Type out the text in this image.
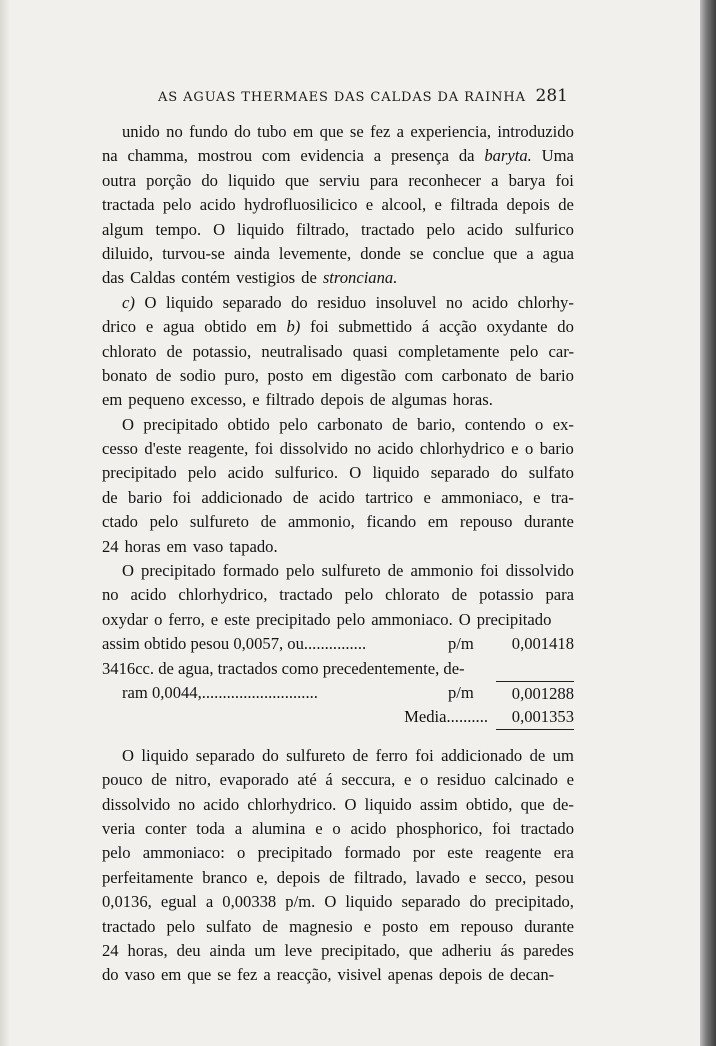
AS AGUAS THERMAES DAS CALDAS DA RAINHA 281
unido no fundo do tubo em que se fez a experiencia, introduzido
na chamma, mostrou com evidencia a presença da baryta. Uma
outra porção do liquido que serviu para reconhecer a barya foi
tractada pelo acido hydrofluosilicico e alcool, e filtrada depois de
algum tempo. O liquido filtrado, tractado pelo acido sulfurico
diluido, turvou-se ainda levemente, donde se conclue que a agua
das Caldas contém vestigios de stronciana.
c) O liquido separado do residuo insoluvel no acido chlorhy-
drico e agua obtido em b) foi submettido á acção oxydante do
chlorato de potassio, neutralisado quasi completamente pelo car-
bonato de sodio puro, posto em digestão com carbonato de bario
em pequeno excesso, e filtrado depois de algumas horas.
O precipitado obtido pelo carbonato de bario, contendo o ex-
cesso d'este reagente, foi dissolvido no acido chlorhydrico e o bario
precipitado pelo acido sulfurico. O liquido separado do sulfato
de bario foi addicionado de acido tartrico e ammoniaco, e tra-
ctado pelo sulfureto de ammonio, ficando em repouso durante
24 horas em vaso tapado.
O precipitado formado pelo sulfureto de ammonio foi dissolvido
no acido chlorhydrico, tractado pelo chlorato de potassio para
oxydar o ferro, e este precipitado pelo ammoniaco. O precipitado
assim obtido pesou 0,0057, ou...............	p/m	0,001418
3416cc. de agua, tractados como precedentemente, de-
ram 0,0044,............................	p/m	0,001288
Media..........	0,001353
O liquido separado do sulfureto de ferro foi addicionado de um
pouco de nitro, evaporado até á seccura, e o residuo calcinado e
dissolvido no acido chlorhydrico. O liquido assim obtido, que de-
veria conter toda a alumina e o acido phosphorico, foi tractado
pelo ammoniaco: o precipitado formado por este reagente era
perfeitamente branco e, depois de filtrado, lavado e secco, pesou
0,0136, egual a 0,00338 p/m. O liquido separado do precipitado,
tractado pelo sulfato de magnesio e posto em repouso durante
24 horas, deu ainda um leve precipitado, que adheriu ás paredes
do vaso em que se fez a reacção, visivel apenas depois de decan-
